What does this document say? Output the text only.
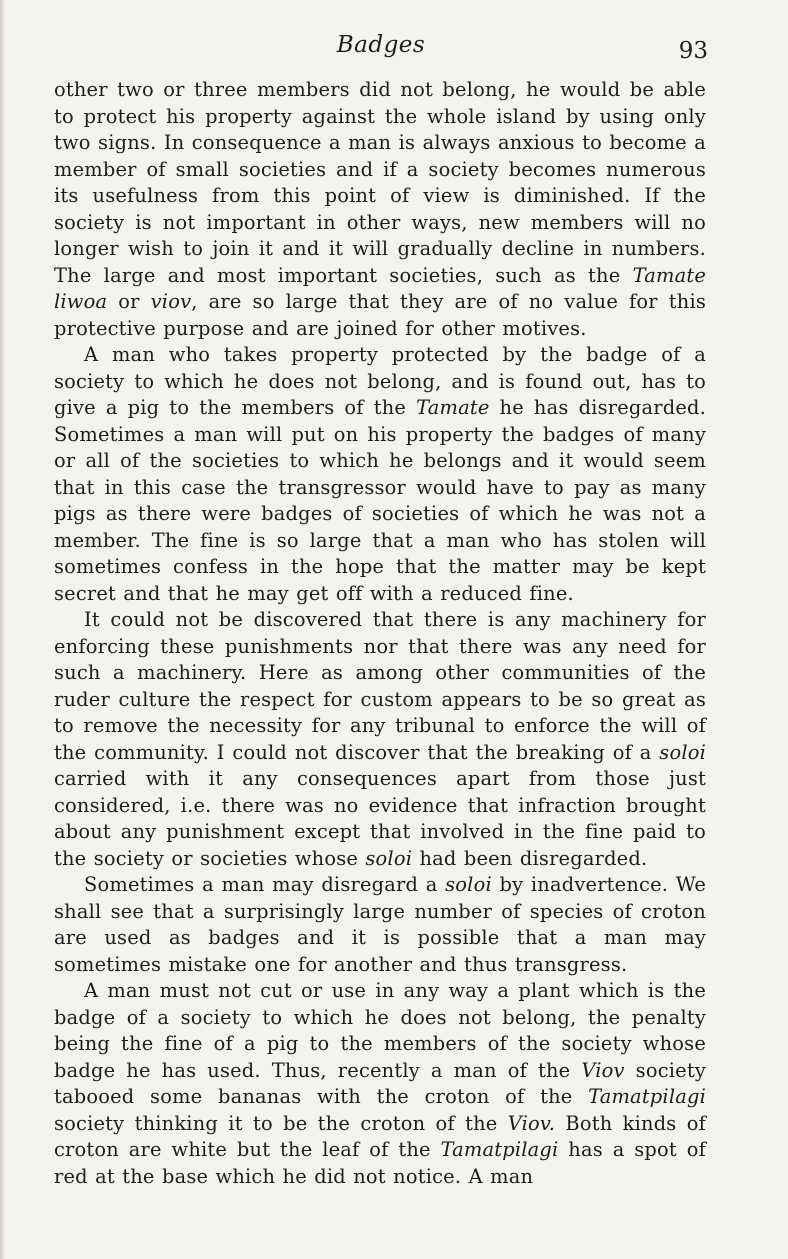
Badges	93

other two or three members did not belong, he would be able to protect his property against the whole island by using only two signs. In consequence a man is always anxious to become a member of small societies and if a society becomes numerous its usefulness from this point of view is diminished. If the society is not important in other ways, new members will no longer wish to join it and it will gradually decline in numbers. The large and most important societies, such as the Tamate liwoa or viov, are so large that they are of no value for this protective purpose and are joined for other motives.

A man who takes property protected by the badge of a society to which he does not belong, and is found out, has to give a pig to the members of the Tamate he has disregarded. Sometimes a man will put on his property the badges of many or all of the societies to which he belongs and it would seem that in this case the transgressor would have to pay as many pigs as there were badges of societies of which he was not a member. The fine is so large that a man who has stolen will sometimes confess in the hope that the matter may be kept secret and that he may get off with a reduced fine.

It could not be discovered that there is any machinery for enforcing these punishments nor that there was any need for such a machinery. Here as among other communities of the ruder culture the respect for custom appears to be so great as to remove the necessity for any tribunal to enforce the will of the community. I could not discover that the breaking of a soloi carried with it any consequences apart from those just considered, i.e. there was no evidence that infraction brought about any punishment except that involved in the fine paid to the society or societies whose soloi had been disregarded.

Sometimes a man may disregard a soloi by inadvertence. We shall see that a surprisingly large number of species of croton are used as badges and it is possible that a man may sometimes mistake one for another and thus transgress.

A man must not cut or use in any way a plant which is the badge of a society to which he does not belong, the penalty being the fine of a pig to the members of the society whose badge he has used. Thus, recently a man of the Viov society tabooed some bananas with the croton of the Tamatpilagi society thinking it to be the croton of the Viov. Both kinds of croton are white but the leaf of the Tamatpilagi has a spot of red at the base which he did not notice. A man
